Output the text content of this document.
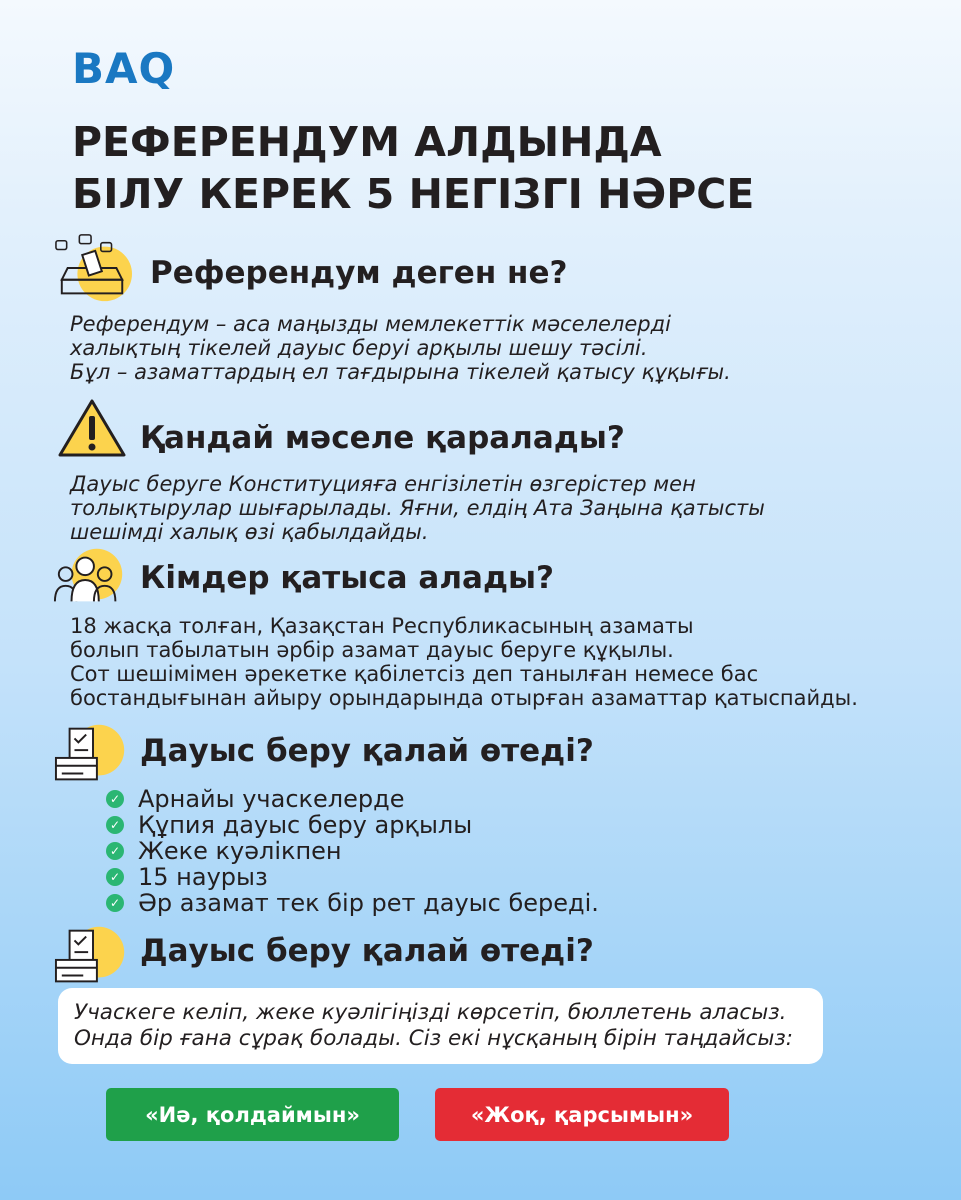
BAQ
РЕФЕРЕНДУМ АЛДЫНДА
БІЛУ КЕРЕК 5 НЕГІЗГІ НӘРСЕ
Референдум деген не?
Референдум – аса маңызды мемлекеттік мәселелерді
халықтың тікелей дауыс беруі арқылы шешу тәсілі.
Бұл – азаматтардың ел тағдырына тікелей қатысу құқығы.
Қандай мәселе қаралады?
Дауыс беруге Конституцияға енгізілетін өзгерістер мен
толықтырулар шығарылады. Яғни, елдің Ата Заңына қатысты
шешімді халық өзі қабылдайды.
Кімдер қатыса алады?
18 жасқа толған, Қазақстан Республикасының азаматы
болып табылатын әрбір азамат дауыс беруге құқылы.
Сот шешімімен әрекетке қабілетсіз деп танылған немесе бас
бостандығынан айыру орындарында отырған азаматтар қатыспайды.
Дауыс беру қалай өтеді?
✓ Арнайы учаскелерде
✓ Құпия дауыс беру арқылы
✓ Жеке куәлікпен
✓ 15 наурыз
✓ Әр азамат тек бір рет дауыс береді.
Дауыс беру қалай өтеді?
Учаскеге келіп, жеке куәлігіңізді көрсетіп, бюллетень аласыз.
Онда бір ғана сұрақ болады. Сіз екі нұсқаның бірін таңдайсыз:
«Иә, қолдаймын»	«Жоқ, қарсымын»
